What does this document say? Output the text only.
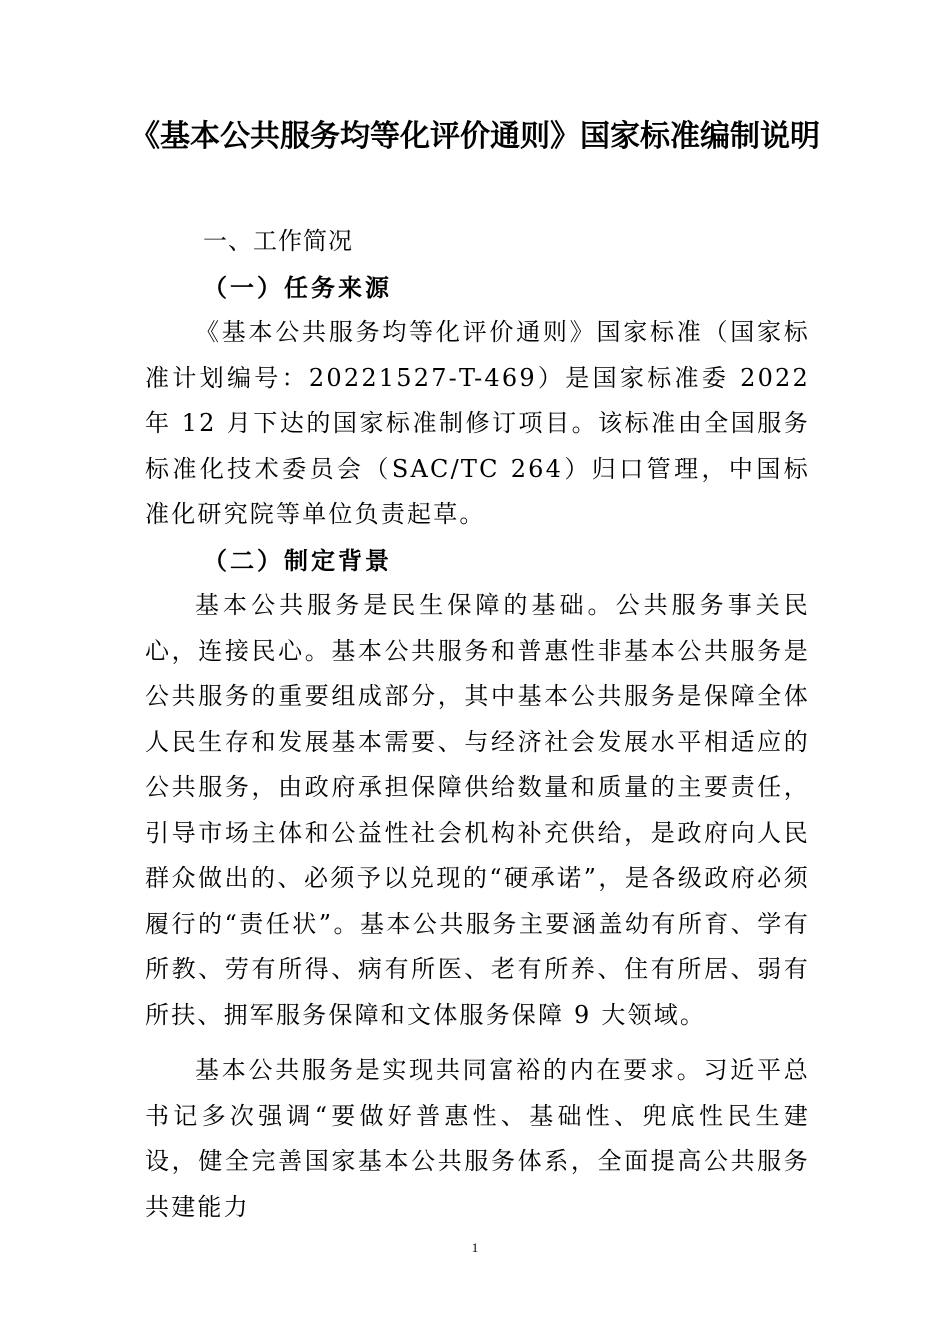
《基本公共服务均等化评价通则》国家标准编制说明
一、工作简况
（一）任务来源

《基本公共服务均等化评价通则》国家标准（国家标准计划编号：20221527-T-469）是国家标准委 2022 年 12 月下达的国家标准制修订项目。该标准由全国服务标准化技术委员会（SAC/TC 264）归口管理，中国标准化研究院等单位负责起草。

（二）制定背景

基本公共服务是民生保障的基础。公共服务事关民心，连接民心。基本公共服务和普惠性非基本公共服务是公共服务的重要组成部分，其中基本公共服务是保障全体人民生存和发展基本需要、与经济社会发展水平相适应的公共服务，由政府承担保障供给数量和质量的主要责任，引导市场主体和公益性社会机构补充供给，是政府向人民群众做出的、必须予以兑现的“硬承诺”，是各级政府必须履行的“责任状”。基本公共服务主要涵盖幼有所育、学有所教、劳有所得、病有所医、老有所养、住有所居、弱有所扶、拥军服务保障和文体服务保障 9 大领域。

基本公共服务是实现共同富裕的内在要求。习近平总书记多次强调“要做好普惠性、基础性、兜底性民生建设，健全完善国家基本公共服务体系，全面提高公共服务共建能力

1
